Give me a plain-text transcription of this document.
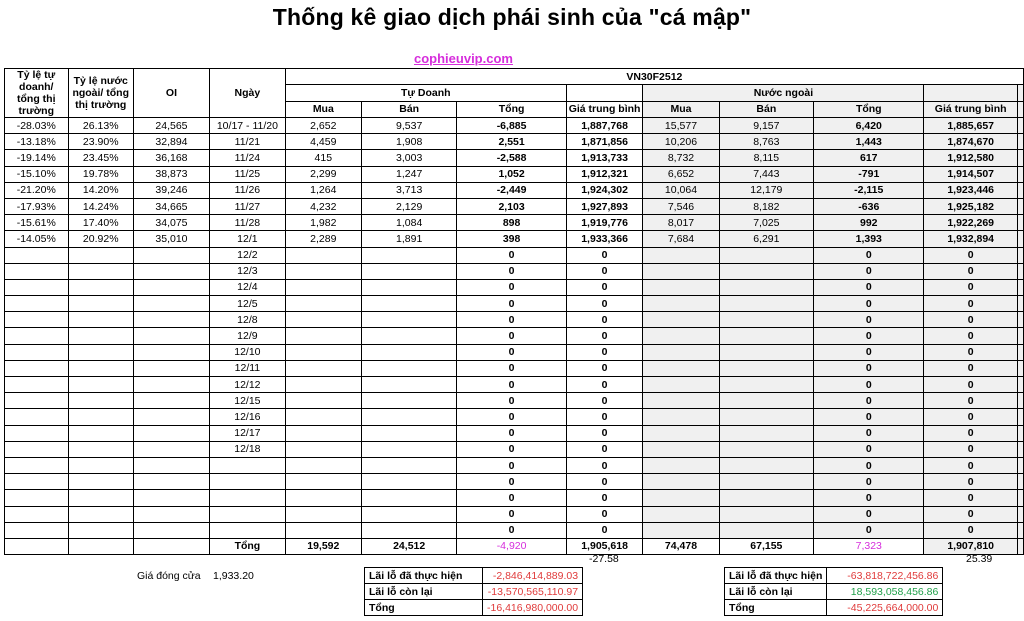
Thống kê giao dịch phái sinh của "cá mập"
cophieuvip.com
Tỷ lệ tự doanh/ tổng thị trường	Tỷ lệ nước ngoài/ tổng thị trường	OI	Ngày	VN30F2512								
				Tự Doanh				Nước ngoài				
				Mua	Bán	Tổng	Giá trung bình	Mua	Bán	Tổng	Giá trung bình	
-28.03%	26.13%	24,565	10/17 - 11/20	2,652	9,537	-6,885	1,887,768	15,577	9,157	6,420	1,885,657	
-13.18%	23.90%	32,894	11/21	4,459	1,908	2,551	1,871,856	10,206	8,763	1,443	1,874,670	
-19.14%	23.45%	36,168	11/24	415	3,003	-2,588	1,913,733	8,732	8,115	617	1,912,580	
-15.10%	19.78%	38,873	11/25	2,299	1,247	1,052	1,912,321	6,652	7,443	-791	1,914,507	
-21.20%	14.20%	39,246	11/26	1,264	3,713	-2,449	1,924,302	10,064	12,179	-2,115	1,923,446	
-17.93%	14.24%	34,665	11/27	4,232	2,129	2,103	1,927,893	7,546	8,182	-636	1,925,182	
-15.61%	17.40%	34,075	11/28	1,982	1,084	898	1,919,776	8,017	7,025	992	1,922,269	
-14.05%	20.92%	35,010	12/1	2,289	1,891	398	1,933,366	7,684	6,291	1,393	1,932,894	
			12/2			0	0			0	0	
			12/3			0	0			0	0	
			12/4			0	0			0	0	
			12/5			0	0			0	0	
			12/8			0	0			0	0	
			12/9			0	0			0	0	
			12/10			0	0			0	0	
			12/11			0	0			0	0	
			12/12			0	0			0	0	
			12/15			0	0			0	0	
			12/16			0	0			0	0	
			12/17			0	0			0	0	
			12/18			0	0			0	0	
						0	0			0	0	
						0	0			0	0	
						0	0			0	0	
						0	0			0	0	
						0	0			0	0	
			Tổng	19,592	24,512	-4,920	1,905,618	74,478	67,155	7,323	1,907,810	
-27.58	25.39
Giá đóng cửa 1,933.20	Lãi lỗ đã thực hiện	-2,846,414,889.03
Lãi lỗ còn lại	-13,570,565,110.97
Tổng	-16,416,980,000.00
Lãi lỗ đã thực hiện	-63,818,722,456.86
Lãi lỗ còn lại	18,593,058,456.86
Tổng	-45,225,664,000.00
